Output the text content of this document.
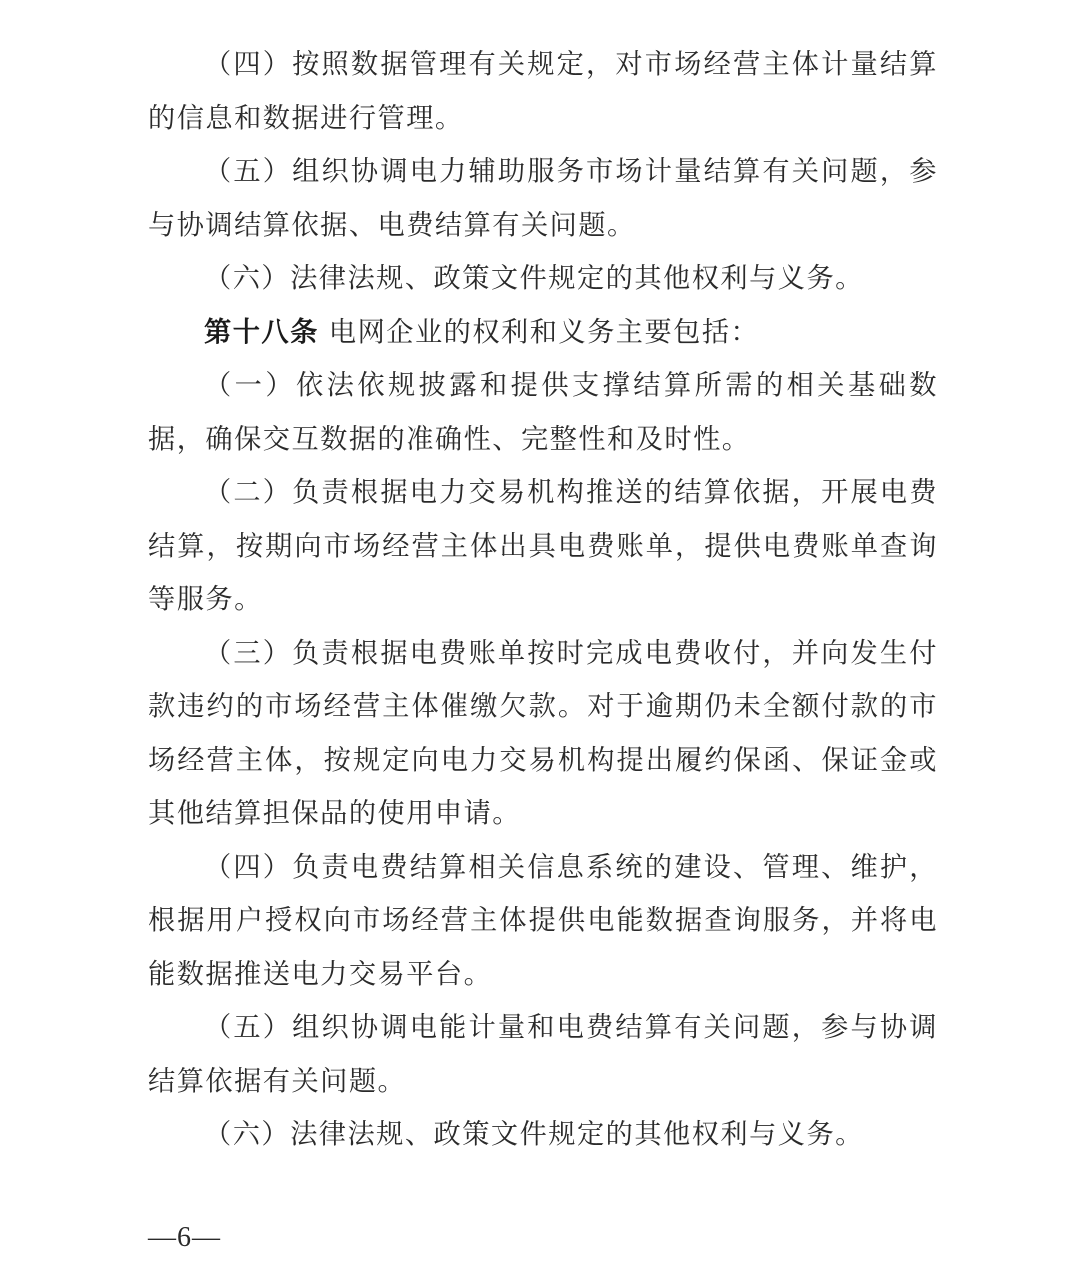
（四）按照数据管理有关规定，对市场经营主体计量结算的信息和数据进行管理。

（五）组织协调电力辅助服务市场计量结算有关问题，参与协调结算依据、电费结算有关问题。

（六）法律法规、政策文件规定的其他权利与义务。

第十八条 电网企业的权利和义务主要包括：

（一）依法依规披露和提供支撑结算所需的相关基础数据，确保交互数据的准确性、完整性和及时性。

（二）负责根据电力交易机构推送的结算依据，开展电费结算，按期向市场经营主体出具电费账单，提供电费账单查询等服务。

（三）负责根据电费账单按时完成电费收付，并向发生付款违约的市场经营主体催缴欠款。对于逾期仍未全额付款的市场经营主体，按规定向电力交易机构提出履约保函、保证金或其他结算担保品的使用申请。

（四）负责电费结算相关信息系统的建设、管理、维护，根据用户授权向市场经营主体提供电能数据查询服务，并将电能数据推送电力交易平台。

（五）组织协调电能计量和电费结算有关问题，参与协调结算依据有关问题。

（六）法律法规、政策文件规定的其他权利与义务。

—6—
